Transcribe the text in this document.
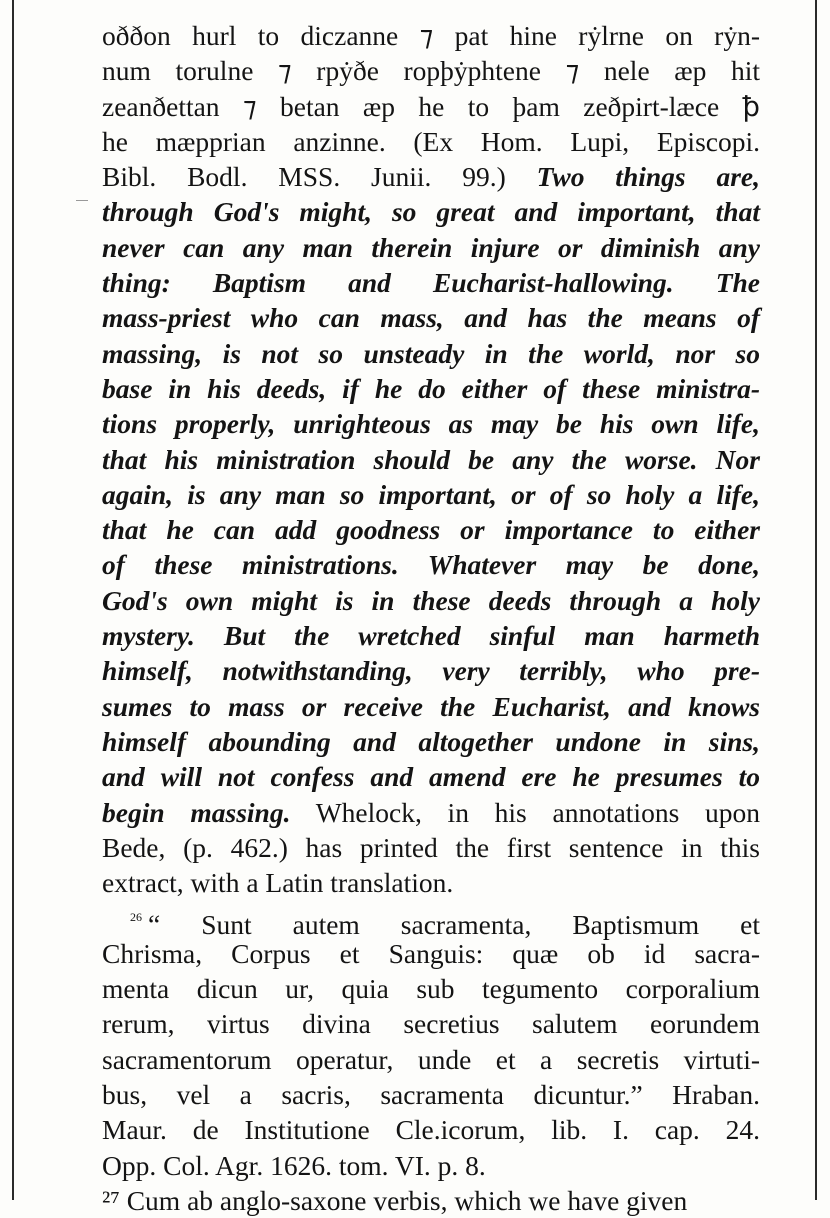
oððon hurl to diczanne ⁊ pat hine rẏlrne on rẏn-
num torulne ⁊ rpẏðe ropþẏphtene ⁊ nele æp hit
zeanðettan ⁊ betan æp he to þam zeðpirt-læce ꝥ
he mæpprian anzinne. (Ex Hom. Lupi, Episcopi.
Bibl. Bodl. MSS. Junii. 99.) Two things are,
through God's might, so great and important, that
never can any man therein injure or diminish any
thing: Baptism and Eucharist-hallowing. The
mass-priest who can mass, and has the means of
massing, is not so unsteady in the world, nor so
base in his deeds, if he do either of these ministra-
tions properly, unrighteous as may be his own life,
that his ministration should be any the worse. Nor
again, is any man so important, or of so holy a life,
that he can add goodness or importance to either
of these ministrations. Whatever may be done,
God's own might is in these deeds through a holy
mystery. But the wretched sinful man harmeth
himself, notwithstanding, very terribly, who pre-
sumes to mass or receive the Eucharist, and knows
himself abounding and altogether undone in sins,
and will not confess and amend ere he presumes to
begin massing. Whelock, in his annotations upon
Bede, (p. 462.) has printed the first sentence in this
extract, with a Latin translation.
$^{26}$ “ Sunt autem sacramenta, Baptismum et
Chrisma, Corpus et Sanguis: quæ ob id sacra-
menta dicun ur, quia sub tegumento corporalium
rerum, virtus divina secretius salutem eorundem
sacramentorum operatur, unde et a secretis virtuti-
bus, vel a sacris, sacramenta dicuntur.” Hraban.
Maur. de Institutione Cle.icorum, lib. I. cap. 24.
Opp. Col. Agr. 1626. tom. VI. p. 8.
²⁷ Cum ab anglo-saxone verbis, which we have given
